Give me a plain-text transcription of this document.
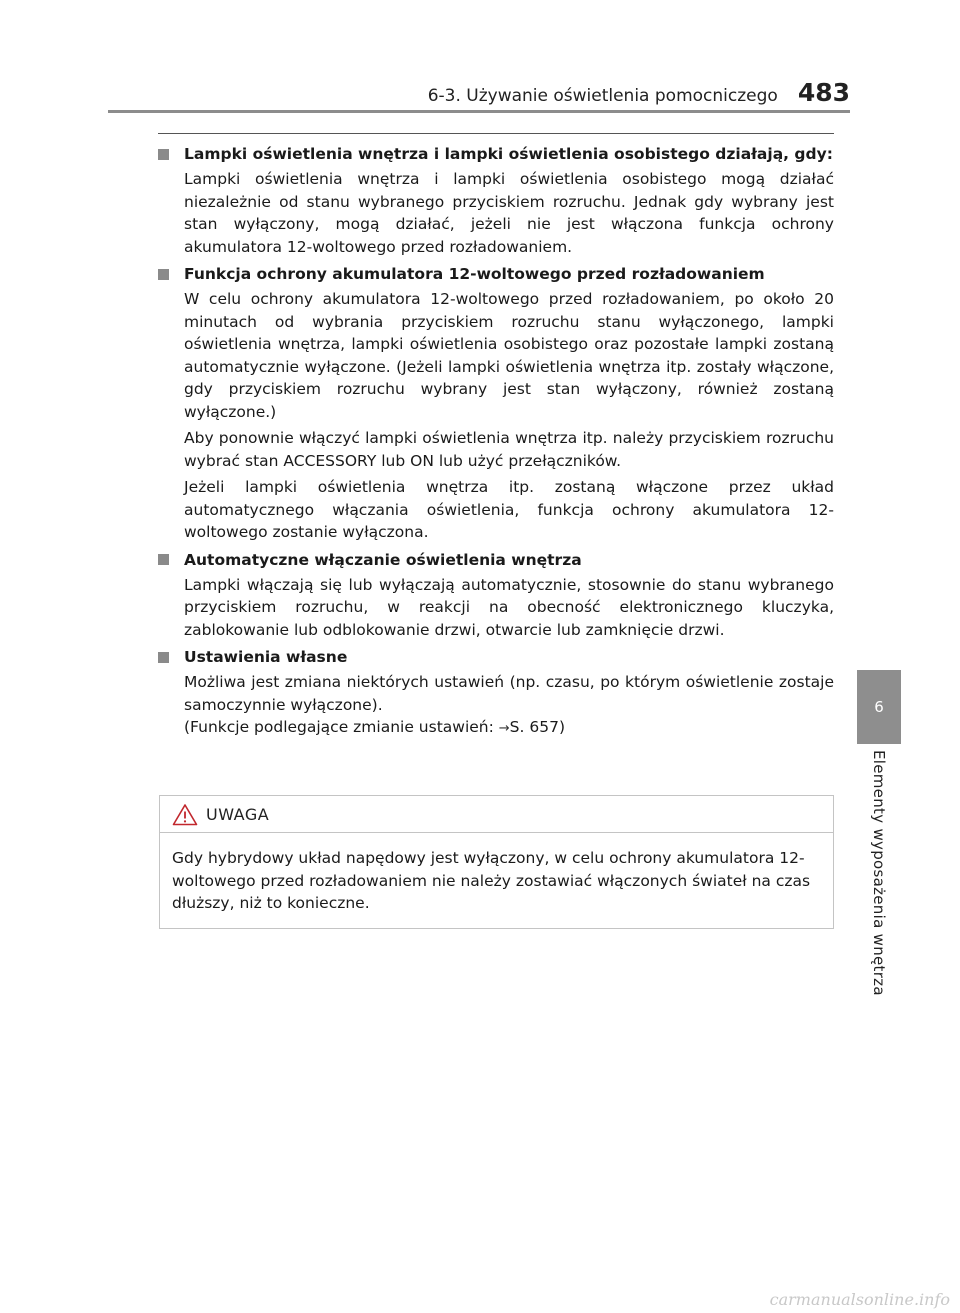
6-3. Używanie oświetlenia pomocniczego 483
Lampki oświetlenia wnętrza i lampki oświetlenia osobistego działają, gdy:

Lampki oświetlenia wnętrza i lampki oświetlenia osobistego mogą działać niezależnie od stanu wybranego przyciskiem rozruchu. Jednak gdy wybrany jest stan wyłączony, mogą działać, jeżeli nie jest włączona funkcja ochrony akumulatora 12-woltowego przed rozładowaniem.

Funkcja ochrony akumulatora 12-woltowego przed rozładowaniem

W celu ochrony akumulatora 12-woltowego przed rozładowaniem, po około 20 minutach od wybrania przyciskiem rozruchu stanu wyłączonego, lampki oświetlenia wnętrza, lampki oświetlenia osobistego oraz pozostałe lampki zostaną automatycznie wyłączone. (Jeżeli lampki oświetlenia wnętrza itp. zostały włączone, gdy przyciskiem rozruchu wybrany jest stan wyłączony, również zostaną wyłączone.)

Aby ponownie włączyć lampki oświetlenia wnętrza itp. należy przyciskiem rozruchu wybrać stan ACCESSORY lub ON lub użyć przełączników.

Jeżeli lampki oświetlenia wnętrza itp. zostaną włączone przez układ automatycznego włączania oświetlenia, funkcja ochrony akumulatora 12-woltowego zostanie wyłączona.

Automatyczne włączanie oświetlenia wnętrza

Lampki włączają się lub wyłączają automatycznie, stosownie do stanu wybranego przyciskiem rozruchu, w reakcji na obecność elektronicznego kluczyka, zablokowanie lub odblokowanie drzwi, otwarcie lub zamknięcie drzwi.

Ustawienia własne

Możliwa jest zmiana niektórych ustawień (np. czasu, po którym oświetlenie zostaje samoczynnie wyłączone).

(Funkcje podlegające zmianie ustawień: →S. 657)

UWAGA
Gdy hybrydowy układ napędowy jest wyłączony, w celu ochrony akumulatora 12-woltowego przed rozładowaniem nie należy zostawiać włączonych świateł na czas dłuższy, niż to konieczne.
6
Elementy wyposażenia wnętrza
carmanualsonline.info
